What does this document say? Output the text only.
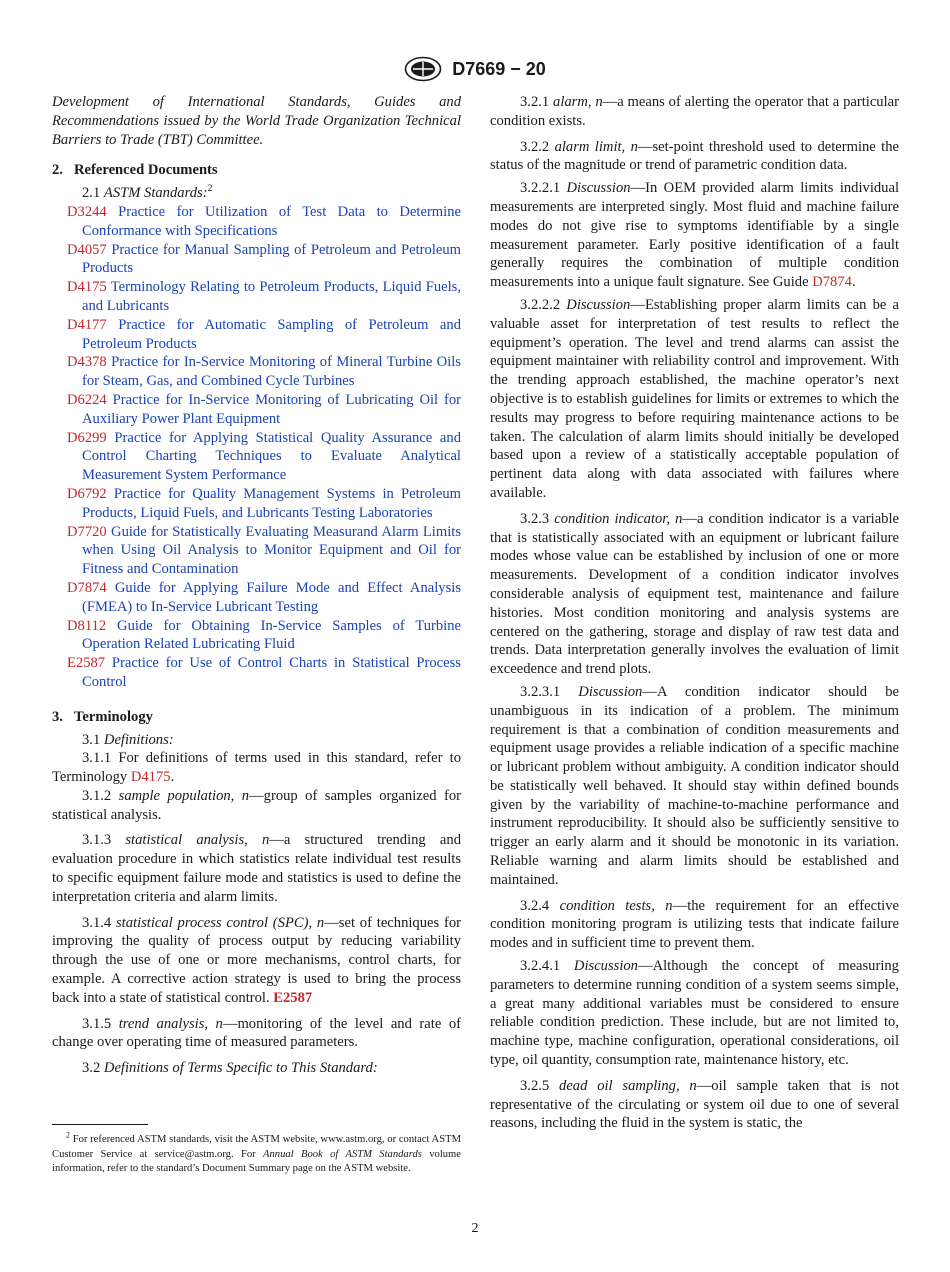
D7669 − 20

Development of International Standards, Guides and Recommendations issued by the World Trade Organization Technical Barriers to Trade (TBT) Committee.

2. Referenced Documents

2.1 ASTM Standards:$^2$

D3244 Practice for Utilization of Test Data to Determine Conformance with Specifications

D4057 Practice for Manual Sampling of Petroleum and Petroleum Products

D4175 Terminology Relating to Petroleum Products, Liquid Fuels, and Lubricants

D4177 Practice for Automatic Sampling of Petroleum and Petroleum Products

D4378 Practice for In-Service Monitoring of Mineral Turbine Oils for Steam, Gas, and Combined Cycle Turbines

D6224 Practice for In-Service Monitoring of Lubricating Oil for Auxiliary Power Plant Equipment

D6299 Practice for Applying Statistical Quality Assurance and Control Charting Techniques to Evaluate Analytical Measurement System Performance

D6792 Practice for Quality Management Systems in Petroleum Products, Liquid Fuels, and Lubricants Testing Laboratories

D7720 Guide for Statistically Evaluating Measurand Alarm Limits when Using Oil Analysis to Monitor Equipment and Oil for Fitness and Contamination

D7874 Guide for Applying Failure Mode and Effect Analysis (FMEA) to In-Service Lubricant Testing

D8112 Guide for Obtaining In-Service Samples of Turbine Operation Related Lubricating Fluid

E2587 Practice for Use of Control Charts in Statistical Process Control

3. Terminology

3.1 Definitions:

3.1.1 For definitions of terms used in this standard, refer to Terminology D4175.

3.1.2 sample population, n—group of samples organized for statistical analysis.

3.1.3 statistical analysis, n—a structured trending and evaluation procedure in which statistics relate individual test results to specific equipment failure mode and statistics is used to define the interpretation criteria and alarm limits.

3.1.4 statistical process control (SPC), n—set of techniques for improving the quality of process output by reducing variability through the use of one or more mechanisms, control charts, for example. A corrective action strategy is used to bring the process back into a state of statistical control. E2587

3.1.5 trend analysis, n—monitoring of the level and rate of change over operating time of measured parameters.

3.2 Definitions of Terms Specific to This Standard:

3.2.1 alarm, n—a means of alerting the operator that a particular condition exists.

3.2.2 alarm limit, n—set-point threshold used to determine the status of the magnitude or trend of parametric condition data.

3.2.2.1 Discussion—In OEM provided alarm limits individual measurements are interpreted singly. Most fluid and machine failure modes do not give rise to symptoms identifiable by a single measurement parameter. Early positive identification of a fault generally requires the combination of multiple condition measurements into a unique fault signature. See Guide D7874.

3.2.2.2 Discussion—Establishing proper alarm limits can be a valuable asset for interpretation of test results to reflect the equipment’s operation. The level and trend alarms can assist the equipment maintainer with reliability control and improvement. With the trending approach established, the machine operator’s next objective is to establish guidelines for limits or extremes to which the results may progress to before requiring maintenance actions to be taken. The calculation of alarm limits should initially be developed based upon a review of a statistically acceptable population of pertinent data along with data associated with failures where available.

3.2.3 condition indicator, n—a condition indicator is a variable that is statistically associated with an equipment or lubricant failure modes whose value can be established by inclusion of one or more measurements. Development of a condition indicator involves considerable analysis of equipment test, maintenance and failure histories. Most condition monitoring and analysis systems are centered on the gathering, storage and display of raw test data and trends. Data interpretation generally involves the evaluation of limit exceedence and trend plots.

3.2.3.1 Discussion—A condition indicator should be unambiguous in its indication of a problem. The minimum requirement is that a combination of condition measurements and equipment usage provides a reliable indication of a specific machine or lubricant problem without ambiguity. A condition indicator should be statistically well behaved. It should stay within defined bounds given by the variability of machine-to-machine performance and instrument reproducibility. It should also be sufficiently sensitive to trigger an early alarm and it should be monotonic in its variation. Reliable warning and alarm limits should be established and maintained.

3.2.4 condition tests, n—the requirement for an effective condition monitoring program is utilizing tests that indicate failure modes and in sufficient time to prevent them.

3.2.4.1 Discussion—Although the concept of measuring parameters to determine running condition of a system seems simple, a great many additional variables must be considered to ensure reliable condition prediction. These include, but are not limited to, machine type, machine configuration, operational considerations, oil type, oil quantity, consumption rate, maintenance history, etc.

3.2.5 dead oil sampling, n—oil sample taken that is not representative of the circulating or system oil due to one of several reasons, including the fluid in the system is static, the

$^2$ For referenced ASTM standards, visit the ASTM website, www.astm.org, or contact ASTM Customer Service at service@astm.org. For Annual Book of ASTM Standards volume information, refer to the standard’s Document Summary page on the ASTM website.
2
